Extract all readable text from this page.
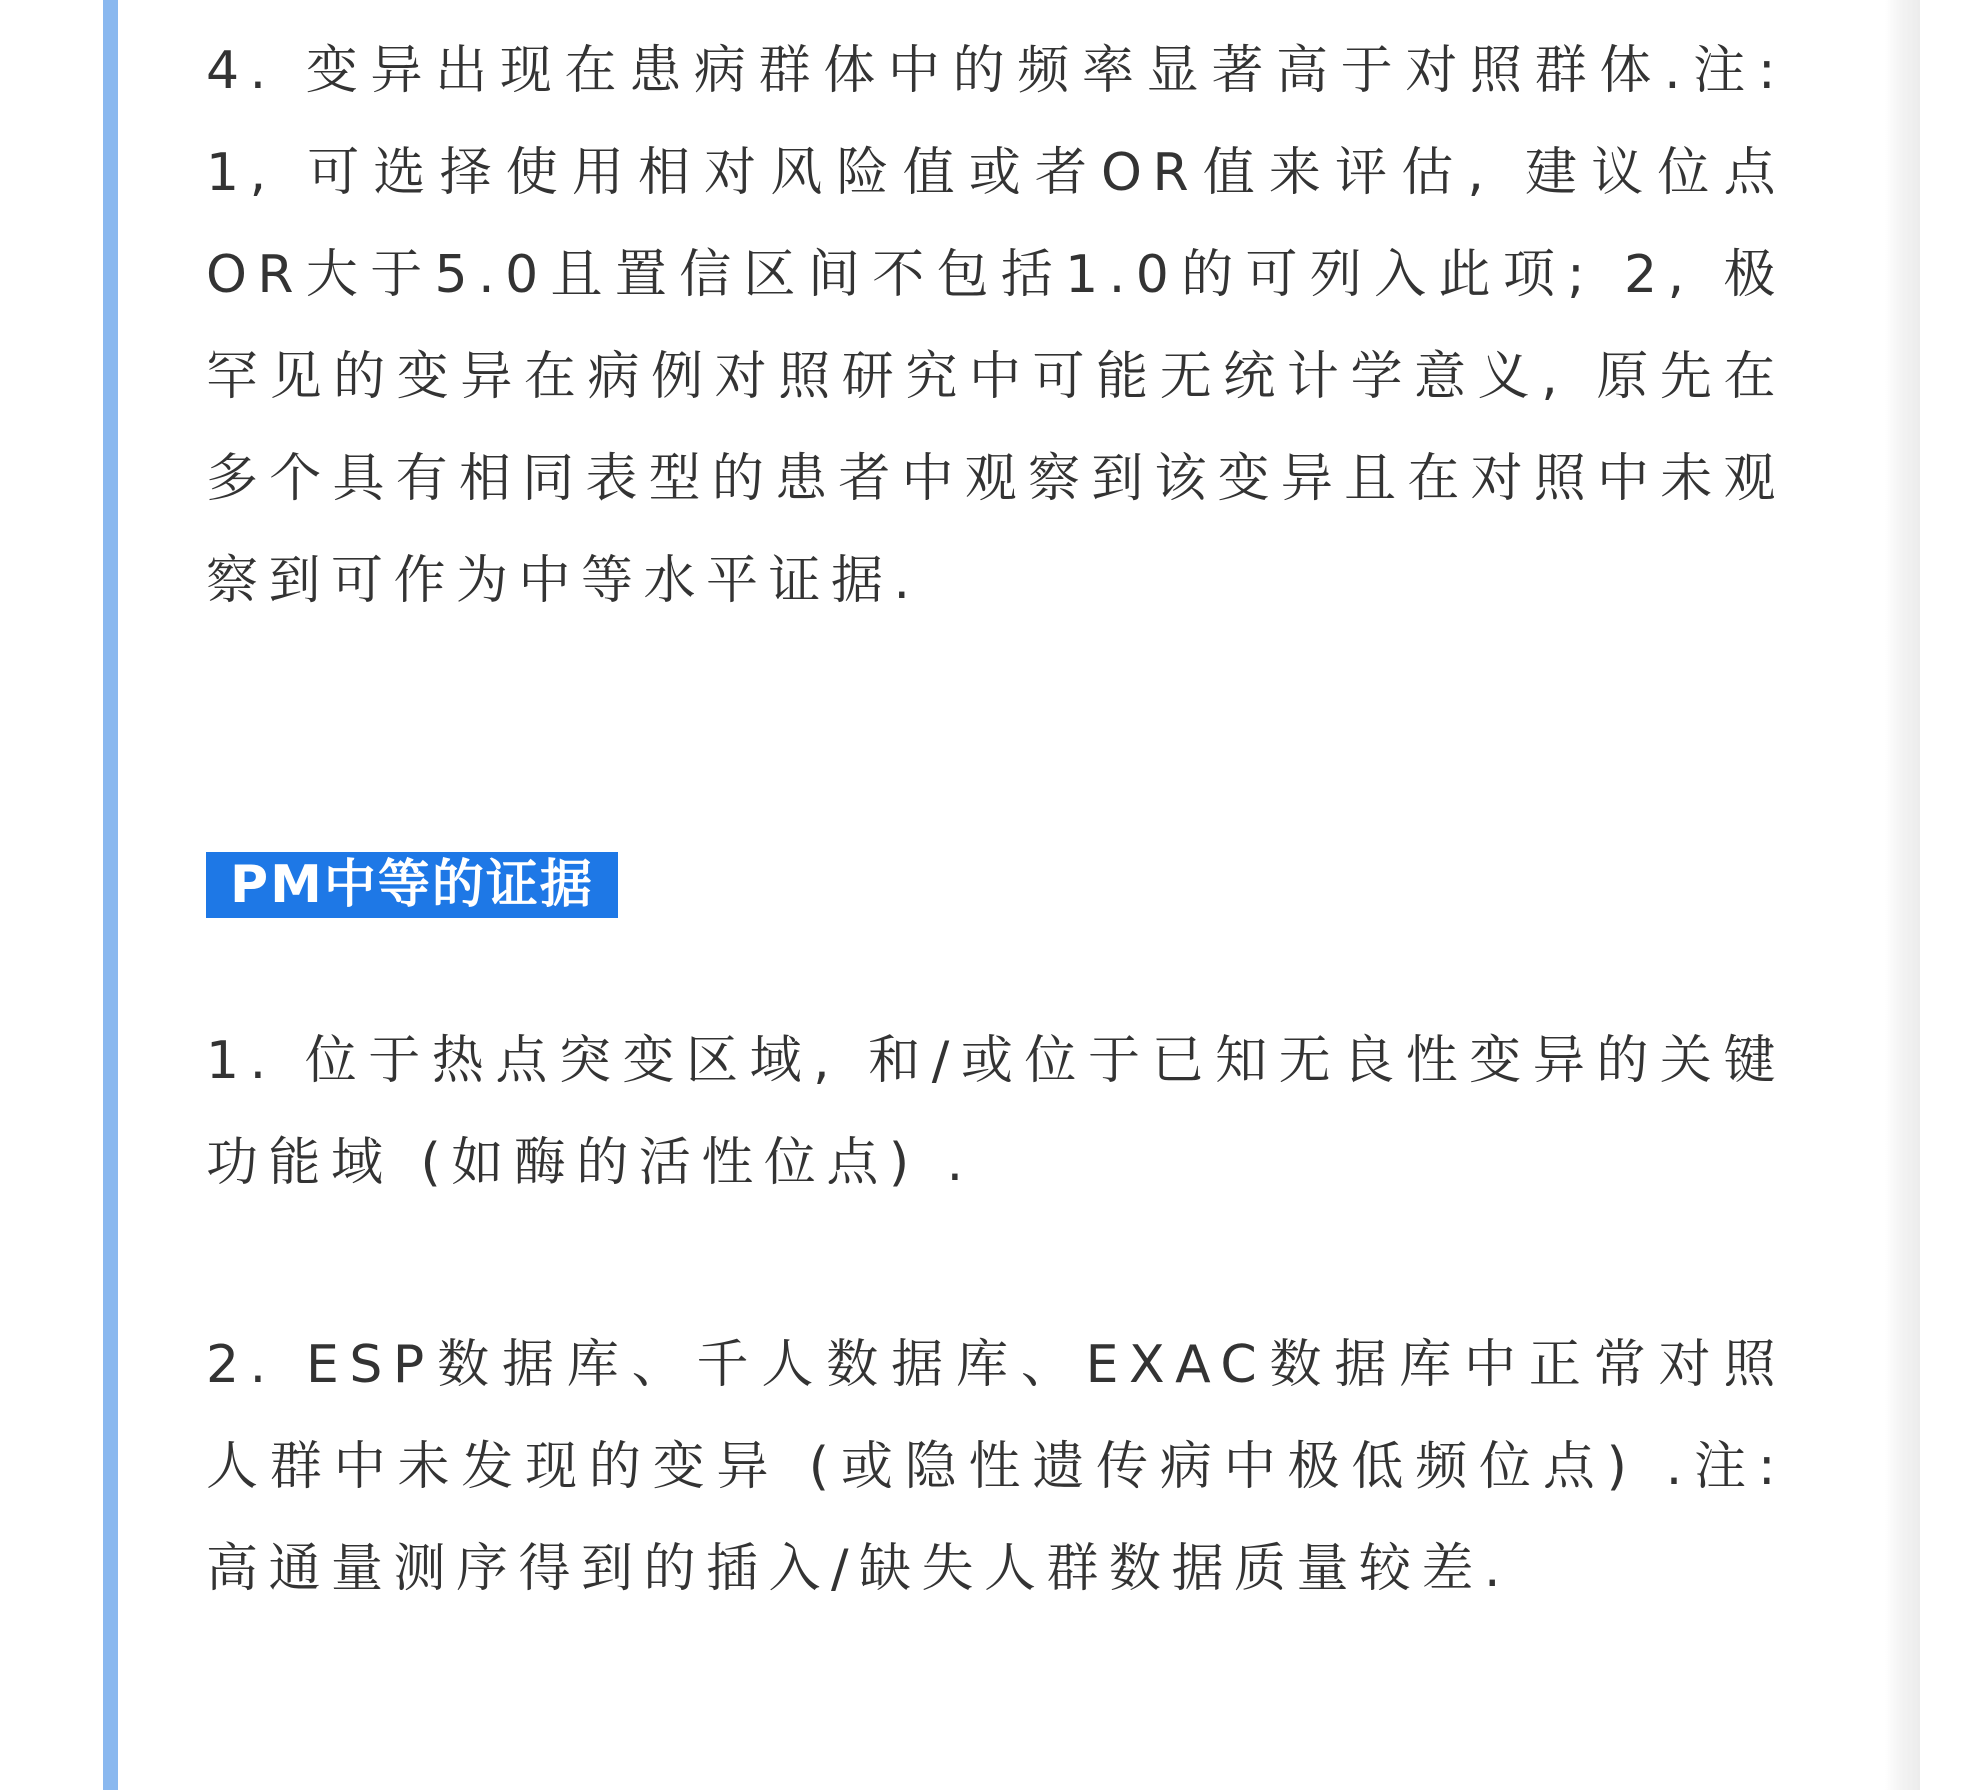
4. 变异出现在患病群体中的频率显著高于对照群体.注: 1, 可选择使用相对风险值或者OR值来评估, 建议位点OR大于5.0且置信区间不包括1.0的可列入此项; 2, 极罕见的变异在病例对照研究中可能无统计学意义, 原先在多个具有相同表型的患者中观察到该变异且在对照中未观察到可作为中等水平证据.

PM中等的证据

1. 位于热点突变区域, 和/或位于已知无良性变异的关键功能域 (如酶的活性位点) .

2. ESP数据库、千人数据库、EXAC数据库中正常对照人群中未发现的变异 (或隐性遗传病中极低频位点) .注: 高通量测序得到的插入/缺失人群数据质量较差.
